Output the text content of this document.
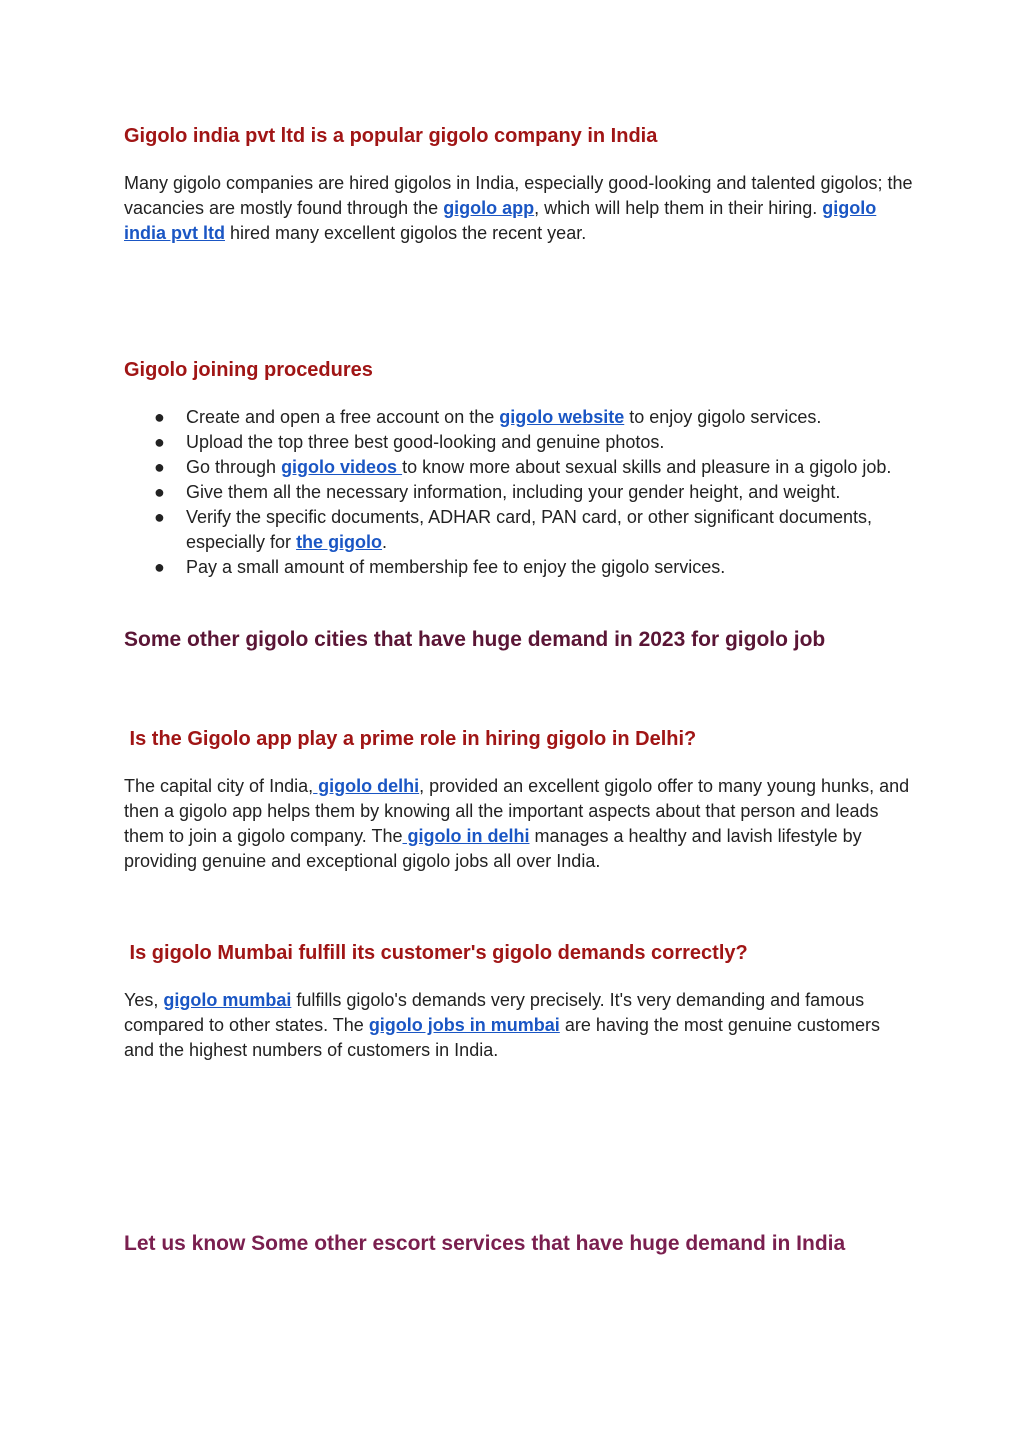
Gigolo india pvt ltd is a popular gigolo company in India

Many gigolo companies are hired gigolos in India, especially good-looking and talented gigolos; the vacancies are mostly found through the gigolo app, which will help them in their hiring. gigolo india pvt ltd hired many excellent gigolos the recent year.

Gigolo joining procedures
● Create and open a free account on the gigolo website to enjoy gigolo services.
● Upload the top three best good-looking and genuine photos.
● Go through gigolo videos to know more about sexual skills and pleasure in a gigolo job.
● Give them all the necessary information, including your gender height, and weight.
● Verify the specific documents, ADHAR card, PAN card, or other significant documents, especially for the gigolo.
● Pay a small amount of membership fee to enjoy the gigolo services.
Some other gigolo cities that have huge demand in 2023 for gigolo job
Is the Gigolo app play a prime role in hiring gigolo in Delhi?

The capital city of India, gigolo delhi, provided an excellent gigolo offer to many young hunks, and then a gigolo app helps them by knowing all the important aspects about that person and leads them to join a gigolo company. The gigolo in delhi manages a healthy and lavish lifestyle by providing genuine and exceptional gigolo jobs all over India.

Is gigolo Mumbai fulfill its customer's gigolo demands correctly?

Yes, gigolo mumbai fulfills gigolo's demands very precisely. It's very demanding and famous compared to other states. The gigolo jobs in mumbai are having the most genuine customers and the highest numbers of customers in India.

Let us know Some other escort services that have huge demand in India
